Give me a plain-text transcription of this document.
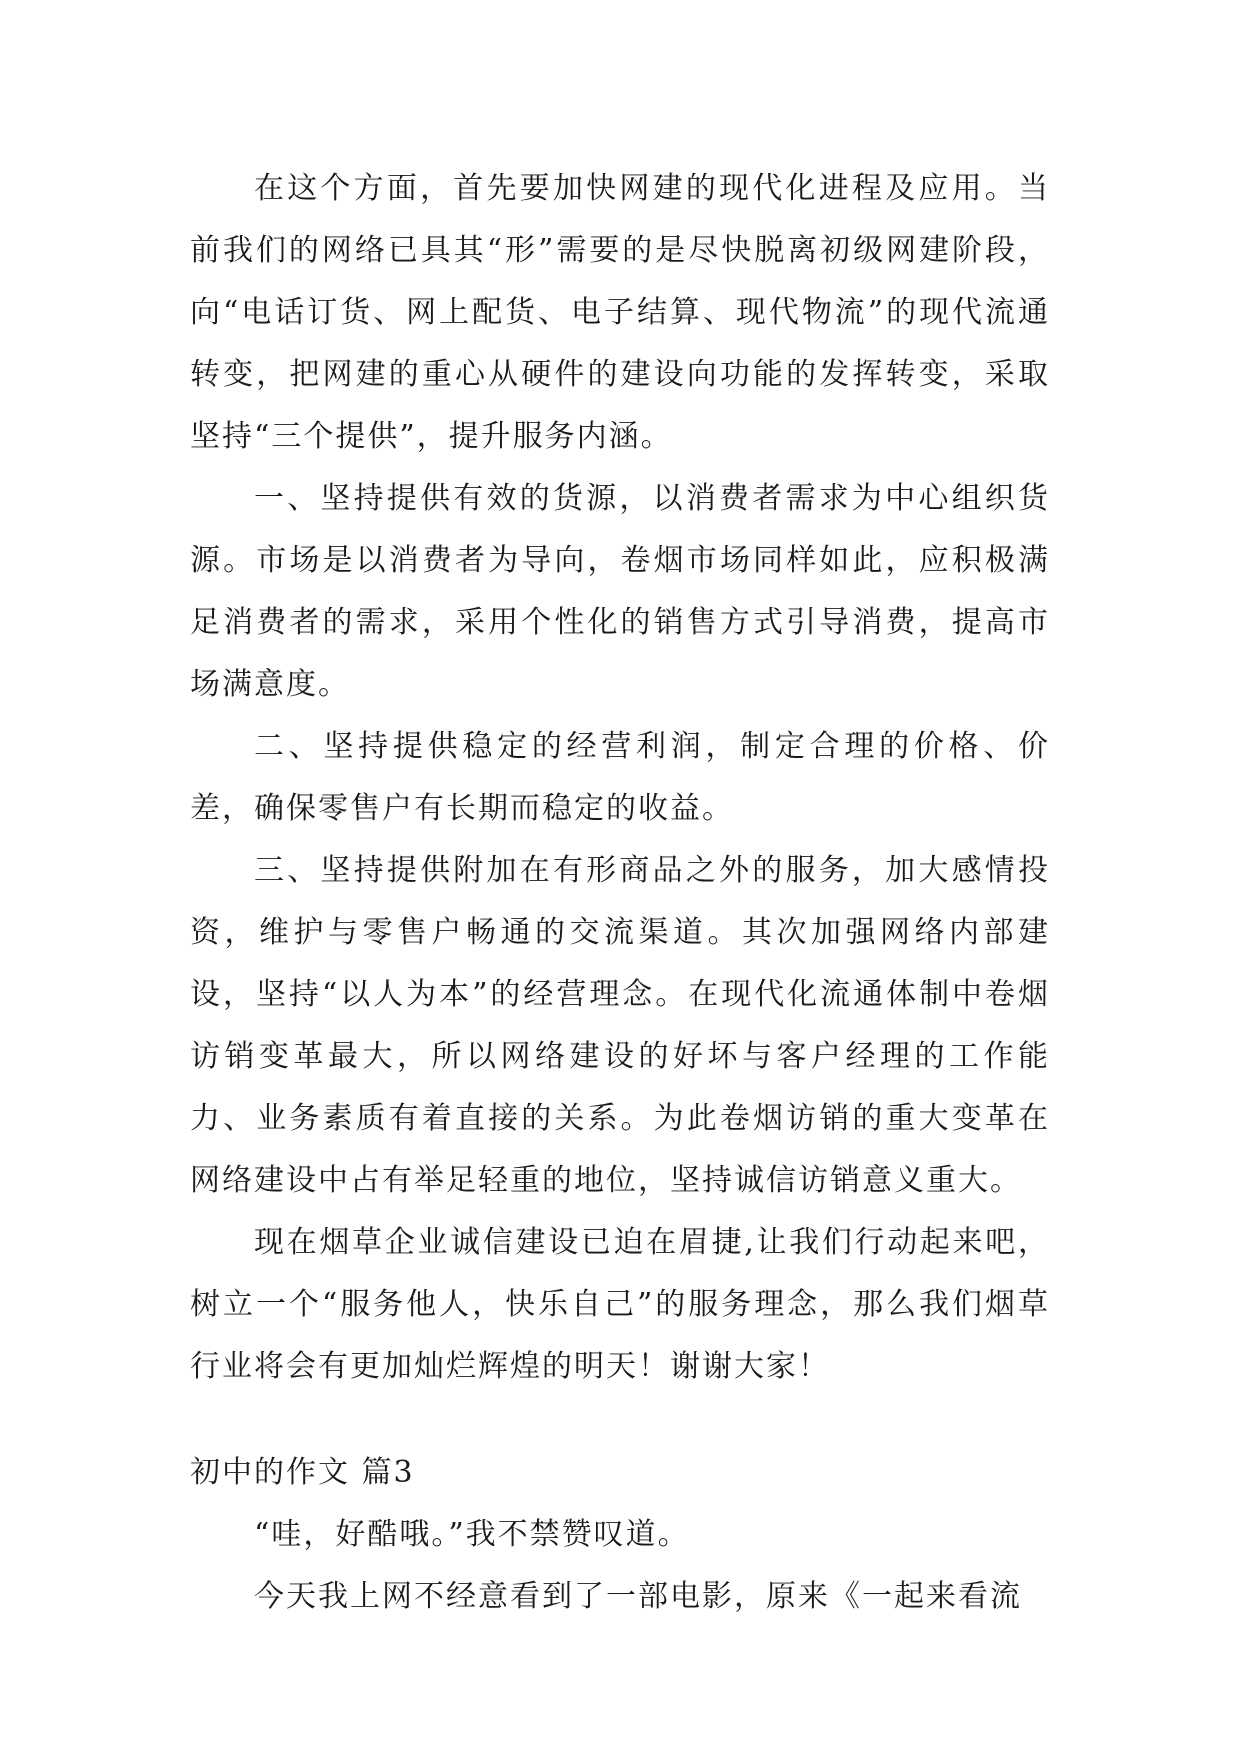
在这个方面，首先要加快网建的现代化进程及应用。当前我们的网络已具其“形”需要的是尽快脱离初级网建阶段，向“电话订货、网上配货、电子结算、现代物流”的现代流通转变，把网建的重心从硬件的建设向功能的发挥转变，采取坚持“三个提供”，提升服务内涵。

一、坚持提供有效的货源，以消费者需求为中心组织货源。市场是以消费者为导向，卷烟市场同样如此，应积极满足消费者的需求，采用个性化的销售方式引导消费，提高市场满意度。

二、坚持提供稳定的经营利润，制定合理的价格、价差，确保零售户有长期而稳定的收益。

三、坚持提供附加在有形商品之外的服务，加大感情投资，维护与零售户畅通的交流渠道。其次加强网络内部建设，坚持“以人为本”的经营理念。在现代化流通体制中卷烟访销变革最大，所以网络建设的好坏与客户经理的工作能力、业务素质有着直接的关系。为此卷烟访销的重大变革在网络建设中占有举足轻重的地位，坚持诚信访销意义重大。

现在烟草企业诚信建设已迫在眉捷,让我们行动起来吧，树立一个“服务他人，快乐自己”的服务理念，那么我们烟草行业将会有更加灿烂辉煌的明天！谢谢大家！

初中的作文 篇3

“哇，好酷哦。”我不禁赞叹道。

今天我上网不经意看到了一部电影，原来《一起来看流
